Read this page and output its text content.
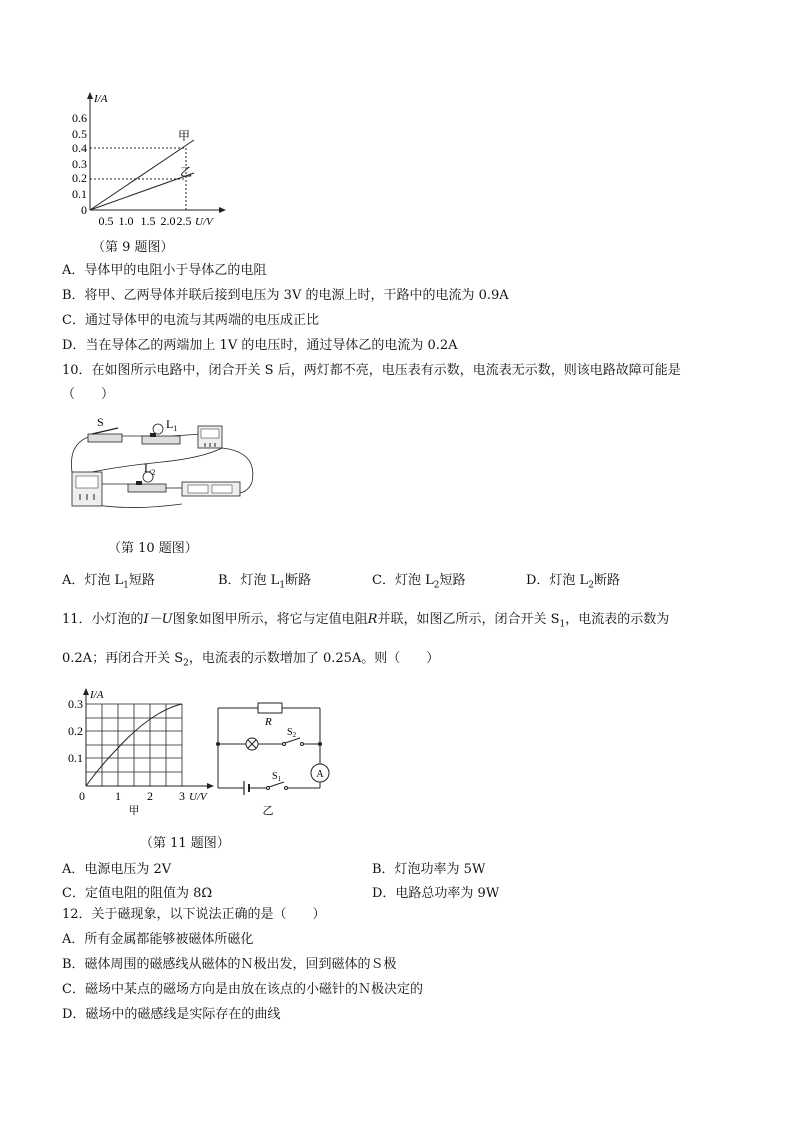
I/A
0.6
0.5
0.4
0.3
0.2
0.1
0
甲
乙
0.5 1.0 1.5 2.0 2.5 U/V
（第 9 题图）
A．导体甲的电阻小于导体乙的电阻
B．将甲、乙两导体并联后接到电压为 3V 的电源上时，干路中的电流为 0.9A
C．通过导体甲的电流与其两端的电压成正比
D．当在导体乙的两端加上 1V 的电压时，通过导体乙的电流为 0.2A
10．在如图所示电路中，闭合开关 S 后，两灯都不亮，电压表有示数，电流表无示数，则该电路故障可能是
（　　）
S	$L_1$
$L_2$
（第 10 题图）
A．灯泡 $L_1$短路	B．灯泡 $L_1$断路	C．灯泡 $L_2$短路	D．灯泡 $L_2$断路
11．小灯泡的I－U图象如图甲所示，将它与定值电阻R并联，如图乙所示，闭合开关 $S_1$，电流表的示数为
0.2A；再闭合开关 $S_2$，电流表的示数增加了 0.25A。则（　　）
I/A
0.3
0.2
0.1
0	1 2 3 U/V
甲
R
$S_2$
A
$S_1$
乙
（第 11 题图）
A．电源电压为 2V	B．灯泡功率为 5W
C．定值电阻的阻值为 8Ω	D．电路总功率为 9W
12．关于磁现象，以下说法正确的是（　　）
A．所有金属都能够被磁体所磁化
B．磁体周围的磁感线从磁体的Ｎ极出发，回到磁体的Ｓ极
C．磁场中某点的磁场方向是由放在该点的小磁针的Ｎ极决定的
D．磁场中的磁感线是实际存在的曲线
